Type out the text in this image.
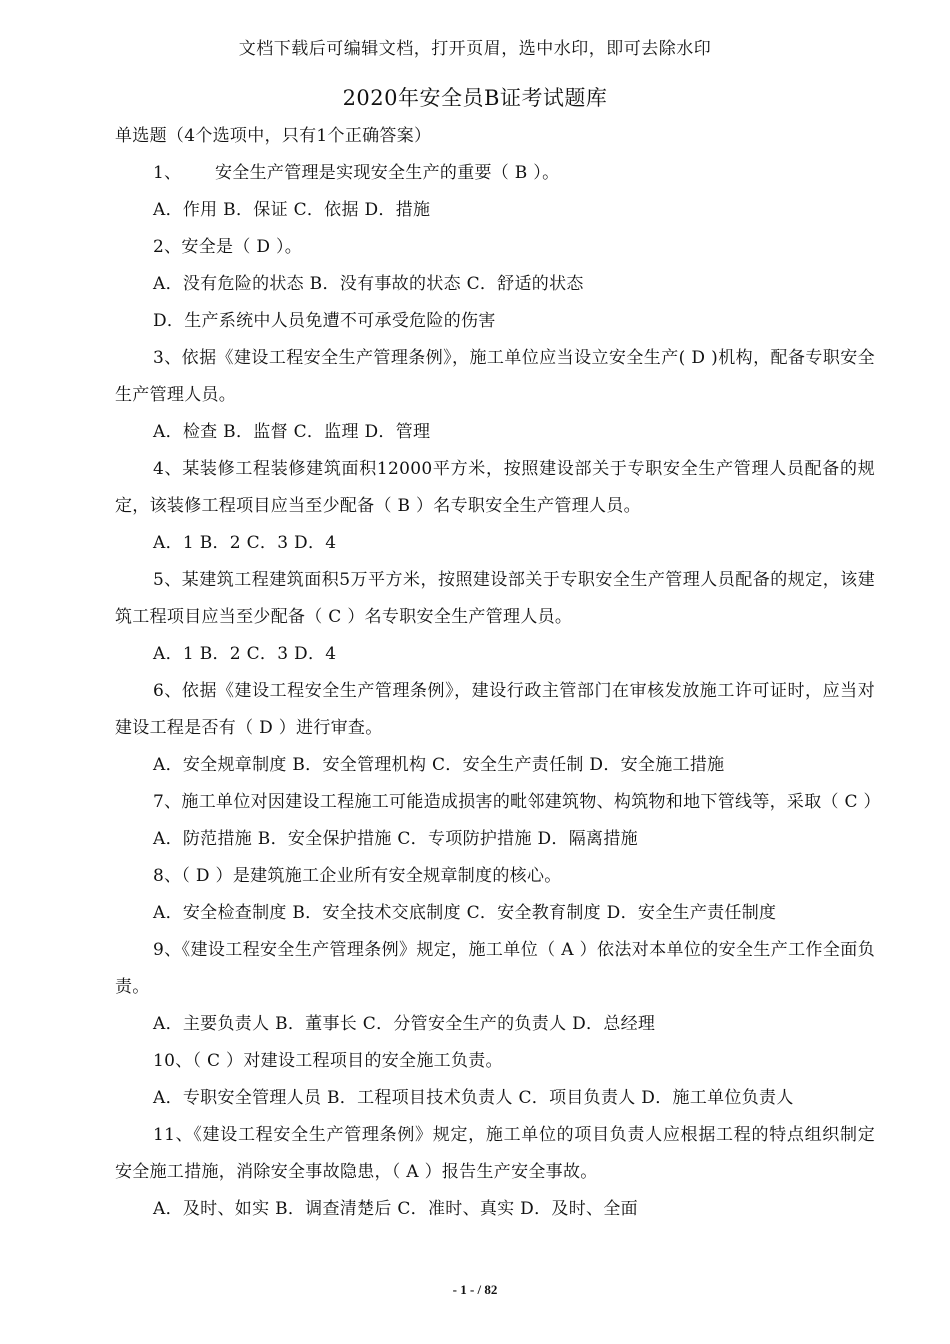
文档下载后可编辑文档，打开页眉，选中水印，即可去除水印
2020年安全员B证考试题库
单选题（4个选项中，只有1个正确答案）
1、 安全生产管理是实现安全生产的重要（ B ）。
A．作用 B．保证 C．依据 D．措施
2、安全是（ D ）。
A．没有危险的状态 B．没有事故的状态 C．舒适的状态
D．生产系统中人员免遭不可承受危险的伤害
3、依据《建设工程安全生产管理条例》，施工单位应当设立安全生产( D )机构，配备专职安全生产管理人员。
A．检查 B．监督 C．监理 D．管理
4、某装修工程装修建筑面积12000平方米，按照建设部关于专职安全生产管理人员配备的规定，该装修工程项目应当至少配备（ B ）名专职安全生产管理人员。
A．1 B．2 C．3 D．4
5、某建筑工程建筑面积5万平方米，按照建设部关于专职安全生产管理人员配备的规定，该建筑工程项目应当至少配备（ C ）名专职安全生产管理人员。
A．1 B．2 C．3 D．4
6、依据《建设工程安全生产管理条例》，建设行政主管部门在审核发放施工许可证时，应当对建设工程是否有（ D ）进行审查。
A．安全规章制度 B．安全管理机构 C．安全生产责任制 D．安全施工措施
7、施工单位对因建设工程施工可能造成损害的毗邻建筑物、构筑物和地下管线等，采取（ C ）
A．防范措施 B．安全保护措施 C．专项防护措施 D．隔离措施
8、（ D ）是建筑施工企业所有安全规章制度的核心。
A．安全检查制度 B．安全技术交底制度 C．安全教育制度 D．安全生产责任制度
9、《建设工程安全生产管理条例》规定，施工单位（ A ）依法对本单位的安全生产工作全面负责。
A．主要负责人 B．董事长 C．分管安全生产的负责人 D．总经理
10、（ C ）对建设工程项目的安全施工负责。
A．专职安全管理人员 B．工程项目技术负责人 C．项目负责人 D．施工单位负责人
11、《建设工程安全生产管理条例》规定，施工单位的项目负责人应根据工程的特点组织制定安全施工措施，消除安全事故隐患，（ A ）报告生产安全事故。
A．及时、如实 B．调查清楚后 C．准时、真实 D．及时、全面
- 1 - / 82
